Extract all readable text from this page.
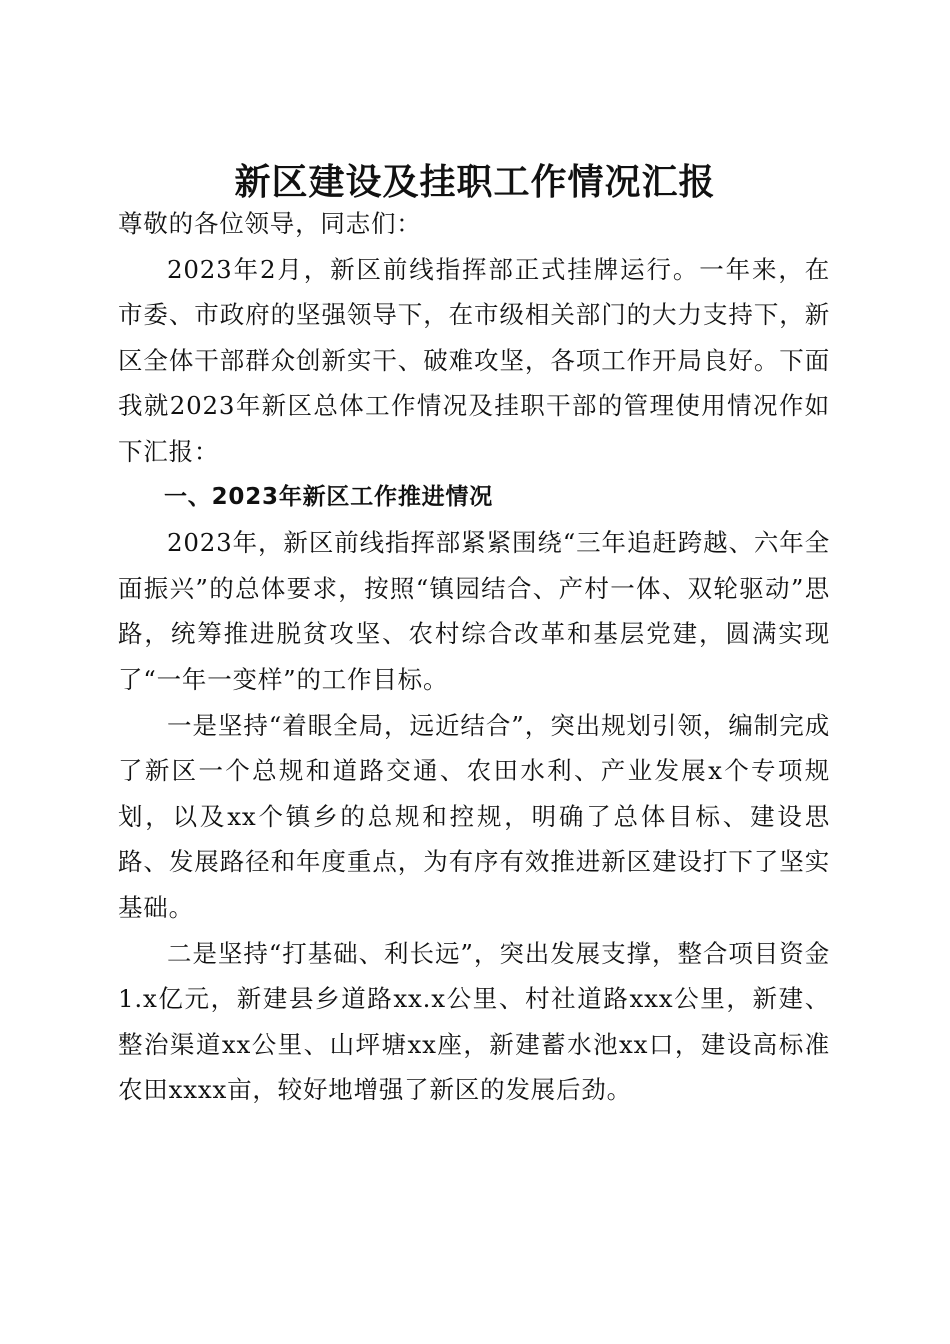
新区建设及挂职工作情况汇报

尊敬的各位领导，同志们：

2023年2月，新区前线指挥部正式挂牌运行。一年来，在市委、市政府的坚强领导下，在市级相关部门的大力支持下，新区全体干部群众创新实干、破难攻坚，各项工作开局良好。下面我就2023年新区总体工作情况及挂职干部的管理使用情况作如下汇报：

一、2023年新区工作推进情况

2023年，新区前线指挥部紧紧围绕“三年追赶跨越、六年全面振兴”的总体要求，按照“镇园结合、产村一体、双轮驱动”思路，统筹推进脱贫攻坚、农村综合改革和基层党建，圆满实现了“一年一变样”的工作目标。

一是坚持“着眼全局，远近结合”，突出规划引领，编制完成了新区一个总规和道路交通、农田水利、产业发展x个专项规划，以及xx个镇乡的总规和控规，明确了总体目标、建设思路、发展路径和年度重点，为有序有效推进新区建设打下了坚实基础。

二是坚持“打基础、利长远”，突出发展支撑，整合项目资金1.x亿元，新建县乡道路xx.x公里、村社道路xxx公里，新建、整治渠道xx公里、山坪塘xx座，新建蓄水池xx口，建设高标准农田xxxx亩，较好地增强了新区的发展后劲。
